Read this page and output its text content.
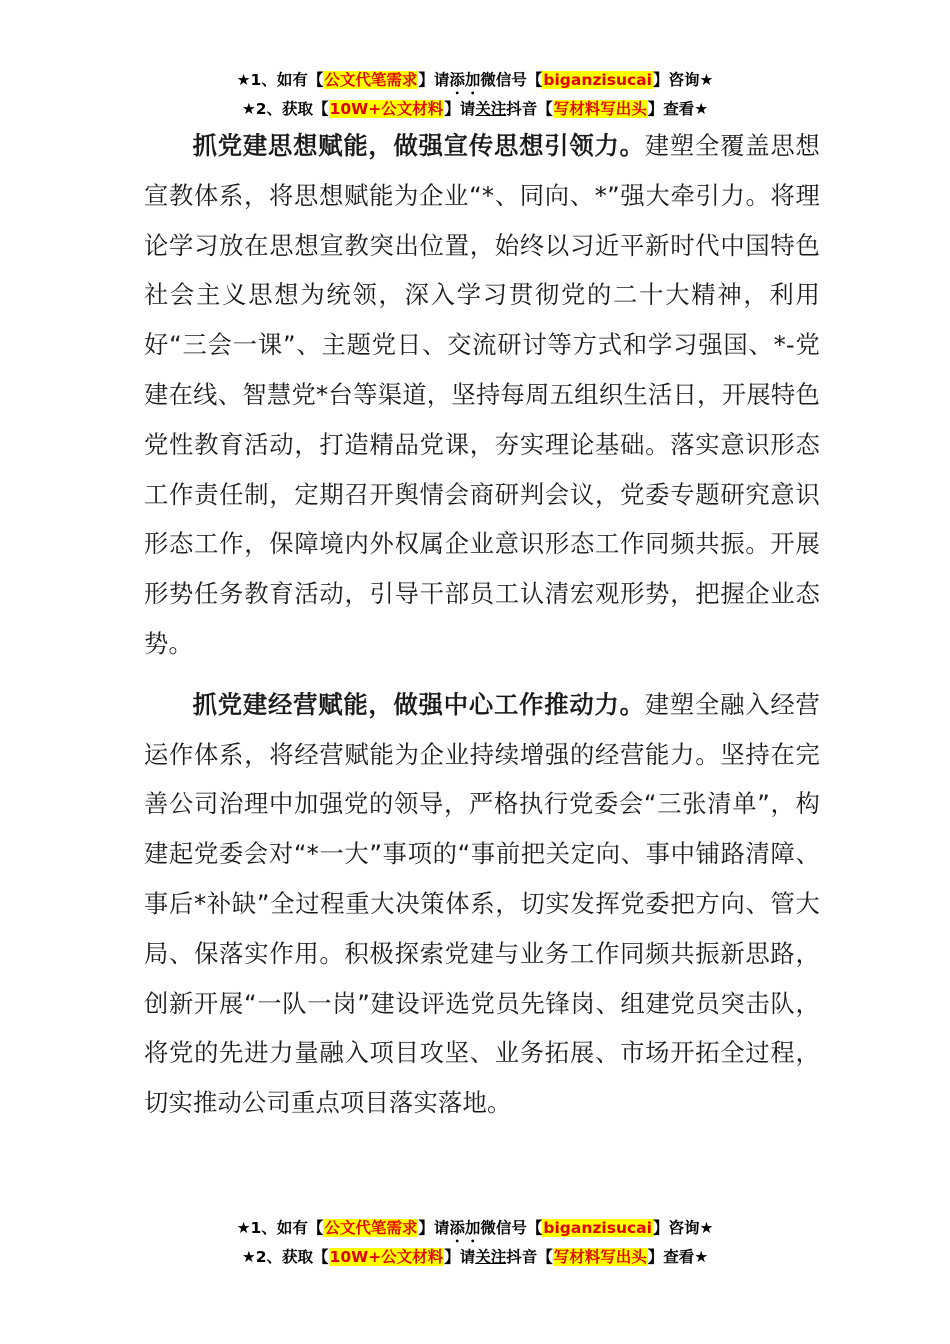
★1、如有【公文代笔需求】请添加微信号【biganzisucai】咨询★
★2、获取【10W+公文材料】请关注抖音【写材料写出头】查看★

抓党建思想赋能，做强宣传思想引领力。建塑全覆盖思想宣教体系，将思想赋能为企业“*、同向、*”强大牵引力。将理论学习放在思想宣教突出位置，始终以习近平新时代中国特色社会主义思想为统领，深入学习贯彻党的二十大精神，利用好“三会一课”、主题党日、交流研讨等方式和学习强国、*-党建在线、智慧党*台等渠道，坚持每周五组织生活日，开展特色党性教育活动，打造精品党课，夯实理论基础。落实意识形态工作责任制，定期召开舆情会商研判会议，党委专题研究意识形态工作，保障境内外权属企业意识形态工作同频共振。开展形势任务教育活动，引导干部员工认清宏观形势，把握企业态势。

抓党建经营赋能，做强中心工作推动力。建塑全融入经营运作体系，将经营赋能为企业持续增强的经营能力。坚持在完善公司治理中加强党的领导，严格执行党委会“三张清单”，构建起党委会对“*一大”事项的“事前把关定向、事中铺路清障、事后*补缺”全过程重大决策体系，切实发挥党委把方向、管大局、保落实作用。积极探索党建与业务工作同频共振新思路，创新开展“一队一岗”建设评选党员先锋岗、组建党员突击队，将党的先进力量融入项目攻坚、业务拓展、市场开拓全过程，切实推动公司重点项目落实落地。

★1、如有【公文代笔需求】请添加微信号【biganzisucai】咨询★
★2、获取【10W+公文材料】请关注抖音【写材料写出头】查看★
